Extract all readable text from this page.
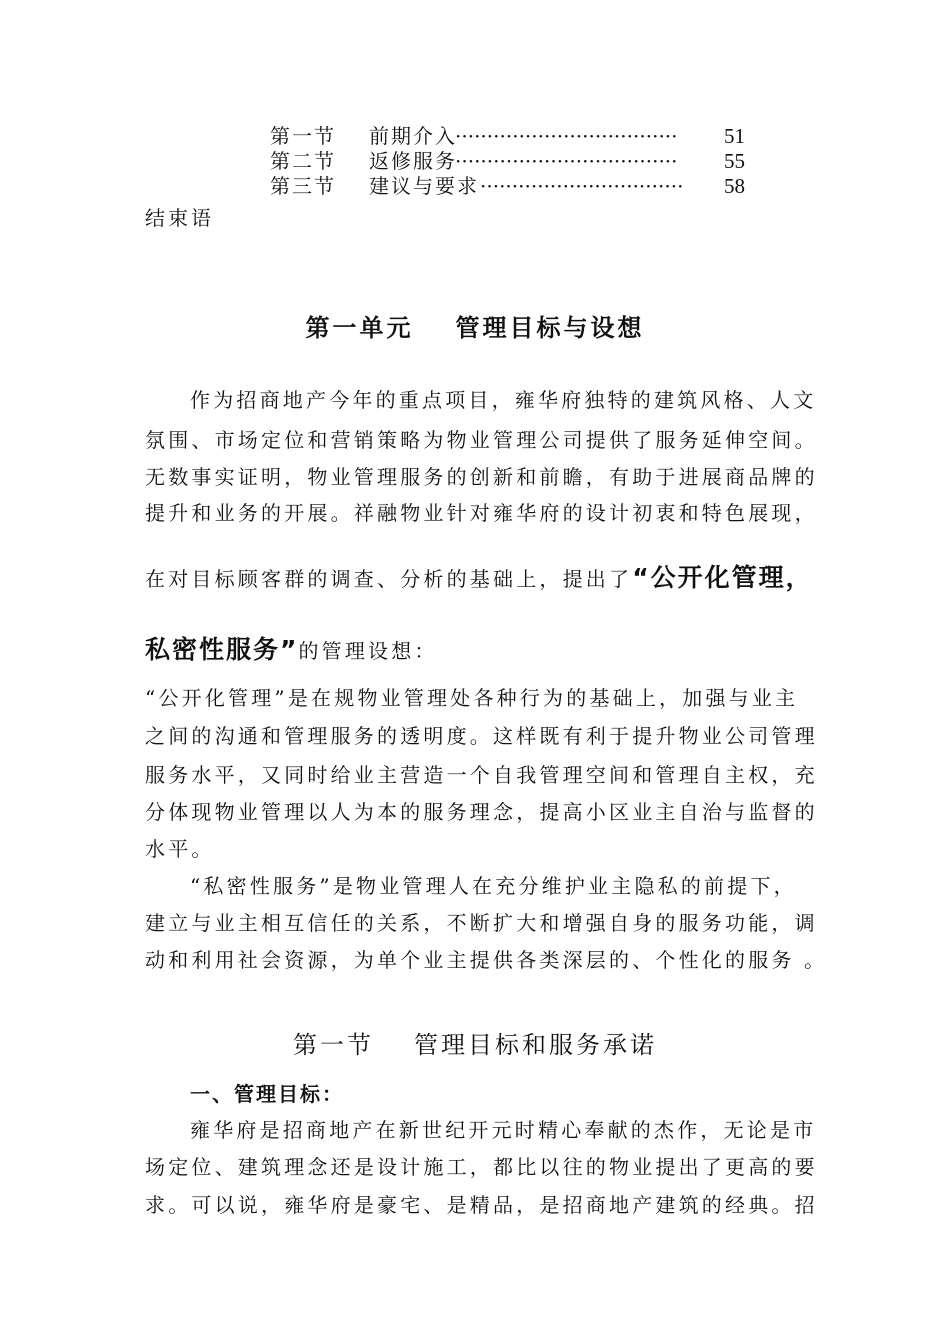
第一节 前期介入
··································· 51
第二节 返修服务
··································· 55
第三节 建议与要求 ································ 58
结束语
第一单元 管理目标与设想
作为招商地产今年的重点项目，雍华府独特的建筑风格、人文
氛围、市场定位和营销策略为物业管理公司提供了服务延伸空间。
无数事实证明，物业管理服务的创新和前瞻，有助于进展商品牌的
提升和业务的开展。祥融物业针对雍华府的设计初衷和特色展现，
在对目标顾客群的调查、分析的基础上，提出了“公开化管理，
私密性服务”的管理设想：
“公开化管理”是在规物业管理处各种行为的基础上，加强与业主
之间的沟通和管理服务的透明度。这样既有利于提升物业公司管理
服务水平，又同时给业主营造一个自我管理空间和管理自主权，充
分体现物业管理以人为本的服务理念，提高小区业主自治与监督的
水平。
“私密性服务”是物业管理人在充分维护业主隐私的前提下，
建立与业主相互信任的关系，不断扩大和增强自身的服务功能，调
动和利用社会资源，为单个业主提供各类深层的、个性化的服务 。
第一节 管理目标和服务承诺
一、管理目标：
雍华府是招商地产在新世纪开元时精心奉献的杰作，无论是市
场定位、建筑理念还是设计施工，都比以往的物业提出了更高的要
求。可以说，雍华府是豪宅、是精品，是招商地产建筑的经典。招
